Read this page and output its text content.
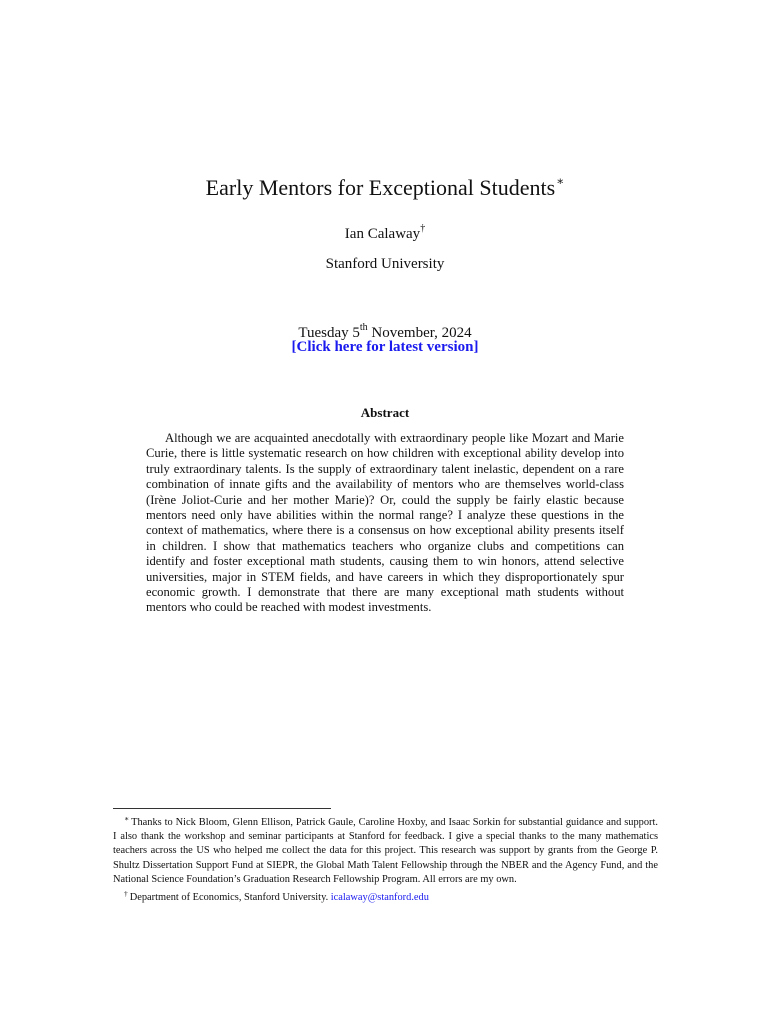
Early Mentors for Exceptional Students∗
Ian Calaway†
Stanford University
Tuesday 5th November, 2024
[Click here for latest version]
Abstract
Although we are acquainted anecdotally with extraordinary people like Mozart and Marie Curie, there is little systematic research on how children with exceptional ability develop into truly extraordinary talents. Is the supply of extraordinary talent inelastic, dependent on a rare combination of innate gifts and the availability of mentors who are themselves world-class (Irène Joliot-Curie and her mother Marie)? Or, could the supply be fairly elastic because mentors need only have abilities within the normal range? I analyze these questions in the context of mathematics, where there is a consensus on how exceptional ability presents itself in children. I show that mathematics teachers who organize clubs and competitions can identify and foster exceptional math students, causing them to win honors, attend selective universities, major in STEM fields, and have careers in which they disproportionately spur economic growth. I demonstrate that there are many exceptional math students without mentors who could be reached with modest investments.

∗ Thanks to Nick Bloom, Glenn Ellison, Patrick Gaule, Caroline Hoxby, and Isaac Sorkin for substantial guidance and support. I also thank the workshop and seminar participants at Stanford for feedback. I give a special thanks to the many mathematics teachers across the US who helped me collect the data for this project. This research was support by grants from the George P. Shultz Dissertation Support Fund at SIEPR, the Global Math Talent Fellowship through the NBER and the Agency Fund, and the National Science Foundation’s Graduation Research Fellowship Program. All errors are my own.

† Department of Economics, Stanford University. icalaway@stanford.edu
